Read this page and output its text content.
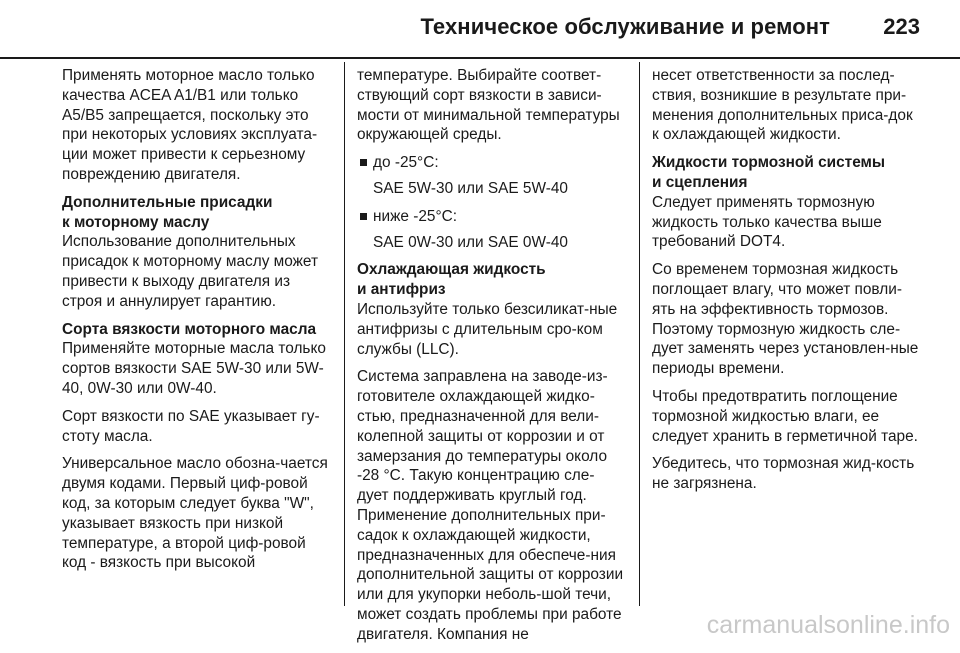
Техническое обслуживание и ремонт 223

Применять моторное масло только качества ACEA A1/B1 или только A5/B5 запрещается, поскольку это при некоторых условиях эксплуата-ции может привести к серьезному повреждению двигателя.

Дополнительные присадки
к моторному маслу

Использование дополнительных присадок к моторному маслу может привести к выходу двигателя из строя и аннулирует гарантию.

Сорта вязкости моторного масла

Применяйте моторные масла только сортов вязкости SAE 5W-30 или 5W-40, 0W-30 или 0W-40.

Сорт вязкости по SAE указывает гу-стоту масла.

Универсальное масло обозна-чается двумя кодами. Первый циф-ровой код, за которым следует буква "W", указывает вязкость при низкой температуре, а второй циф-ровой код - вязкость при высокой

температуре. Выбирайте соответ-ствующий сорт вязкости в зависи-мости от минимальной температуры окружающей среды.

до -25°C:
SAE 5W-30 или SAE 5W-40
ниже -25°C:
SAE 0W-30 или SAE 0W-40
Охлаждающая жидкость
и антифриз

Используйте только безсиликат-ные антифризы с длительным сро-ком службы (LLC).

Система заправлена на заводе-из-готовителе охлаждающей жидко-стью, предназначенной для вели-колепной защиты от коррозии и от замерзания до температуры около -28 °C. Такую концентрацию сле-дует поддерживать круглый год. Применение дополнительных при-садок к охлаждающей жидкости, предназначенных для обеспече-ния дополнительной защиты от коррозии или для укупорки неболь-шой течи, может создать проблемы при работе двигателя. Компания не

несет ответственности за послед-ствия, возникшие в результате при-менения дополнительных приса-док к охлаждающей жидкости.

Жидкости тормозной системы
и сцепления

Следует применять тормозную жидкость только качества выше требований DOT4.

Со временем тормозная жидкость поглощает влагу, что может повли-ять на эффективность тормозов. Поэтому тормозную жидкость сле-дует заменять через установлен-ные периоды времени.

Чтобы предотвратить поглощение тормозной жидкостью влаги, ее следует хранить в герметичной таре.

Убедитесь, что тормозная жид-кость не загрязнена.

carmanualsonline.info
